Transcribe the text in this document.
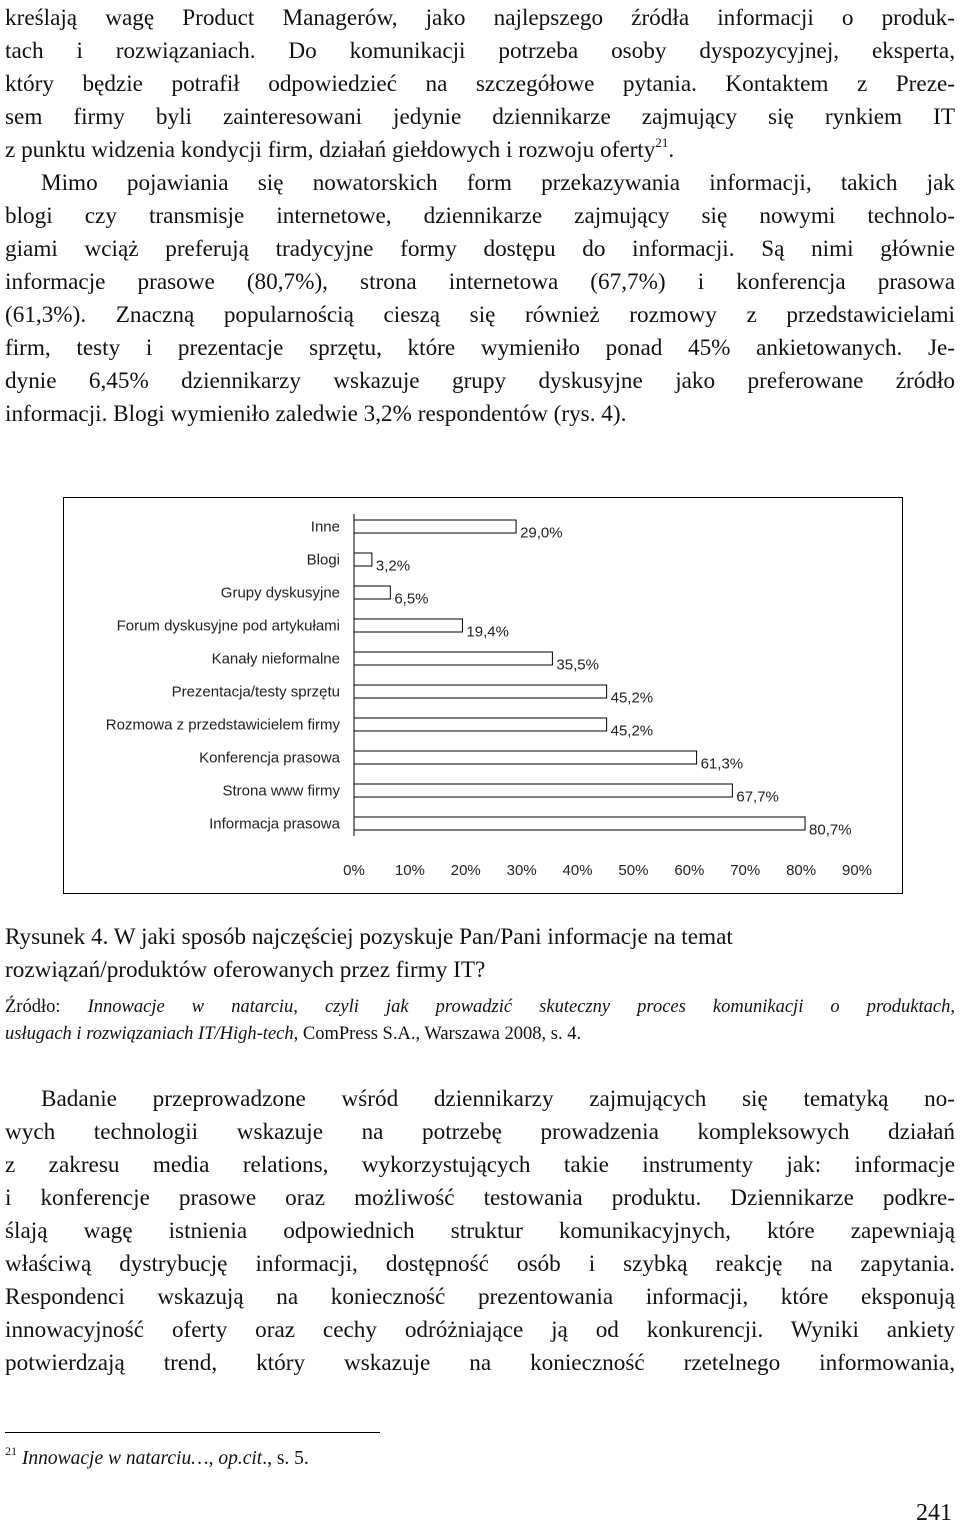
kreślają wagę Product Managerów, jako najlepszego źródła informacji o produk-
tach i rozwiązaniach. Do komunikacji potrzeba osoby dyspozycyjnej, eksperta,
który będzie potrafił odpowiedzieć na szczegółowe pytania. Kontaktem z Preze-
sem firmy byli zainteresowani jedynie dziennikarze zajmujący się rynkiem IT
z punktu widzenia kondycji firm, działań giełdowych i rozwoju oferty$^{21}$.
Mimo pojawiania się nowatorskich form przekazywania informacji, takich jak
blogi czy transmisje internetowe, dziennikarze zajmujący się nowymi technolo-
giami wciąż preferują tradycyjne formy dostępu do informacji. Są nimi głównie
informacje prasowe (80,7%), strona internetowa (67,7%) i konferencja prasowa
(61,3%). Znaczną popularnością cieszą się również rozmowy z przedstawicielami
firm, testy i prezentacje sprzętu, które wymieniło ponad 45% ankietowanych. Je-
dynie 6,45% dziennikarzy wskazuje grupy dyskusyjne jako preferowane źródło
informacji. Blogi wymieniło zaledwie 3,2% respondentów (rys. 4).
Inne	29,0%
Blogi 3,2%
Grupy dyskusyjne	6,5%
Forum dyskusyjne pod artykułami	19,4%
Kanały nieformalne	35,5%
Prezentacja/testy sprzętu	45,2%
Rozmowa z przedstawicielem firmy	45,2%
Konferencja prasowa	61,3%
Strona www firmy	67,7%
Informacja prasowa	80,7%
0% 10% 20% 30% 40% 50% 60% 70% 80% 90%
Rysunek 4. W jaki sposób najczęściej pozyskuje Pan/Pani informacje na temat
rozwiązań/produktów oferowanych przez firmy IT?
Źródło: Innowacje w natarciu, czyli jak prowadzić skuteczny proces komunikacji o produktach,
usługach i rozwiązaniach IT/High-tech, ComPress S.A., Warszawa 2008, s. 4.
Badanie przeprowadzone wśród dziennikarzy zajmujących się tematyką no-
wych technologii wskazuje na potrzebę prowadzenia kompleksowych działań
z zakresu media relations, wykorzystujących takie instrumenty jak: informacje
i konferencje prasowe oraz możliwość testowania produktu. Dziennikarze podkre-
ślają wagę istnienia odpowiednich struktur komunikacyjnych, które zapewniają
właściwą dystrybucję informacji, dostępność osób i szybką reakcję na zapytania.
Respondenci wskazują na konieczność prezentowania informacji, które eksponują
innowacyjność oferty oraz cechy odróżniające ją od konkurencji. Wyniki ankiety
potwierdzają trend, który wskazuje na konieczność rzetelnego informowania,
$^{21}$ Innowacje w natarciu…, op.cit., s. 5.
241
